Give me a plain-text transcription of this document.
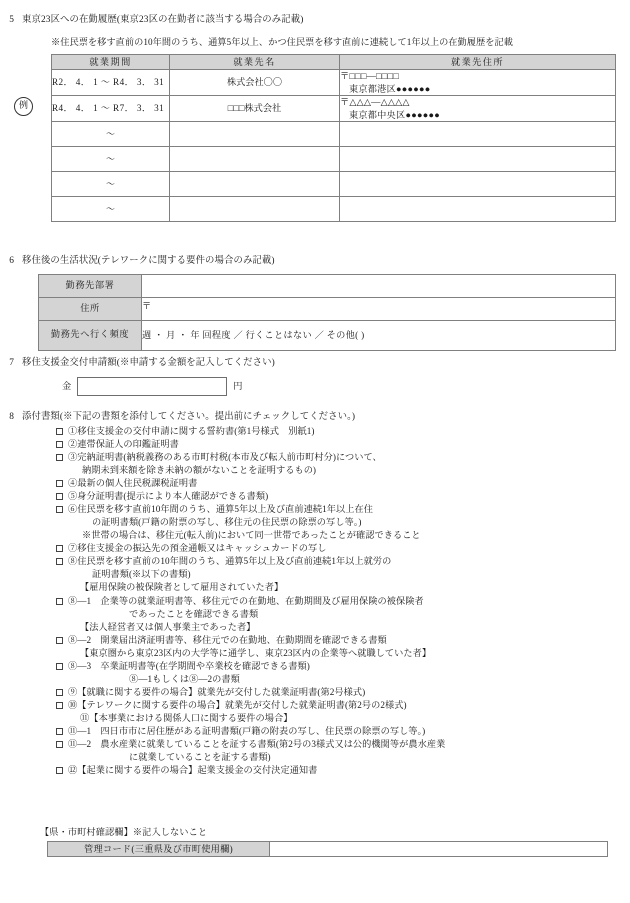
5 東京23区への在勤履歴(東京23区の在勤者に該当する場合のみ記載)
※住民票を移す直前の10年間のうち、通算5年以上、かつ住民票を移す直前に連続して1年以上の在勤履歴を記載
就業期間	就業先名	就業先住所
R2． 4． 1 ～ R4． 3． 31	株式会社〇〇	〒□□□—□□□□
東京都港区●●●●●●

R4． 4． 1 ～ R7． 3． 31	□□□株式会社	〒△△△—△△△△
東京都中央区●●●●●●

～		
～		
～		
～		
例
6 移住後の生活状況(テレワークに関する要件の場合のみ記載)
勤務先部署	
住所	〒
勤務先へ行く頻度	週 ・ 月 ・ 年 回程度 ／ 行くことはない ／ その他( )
7 移住支援金交付申請額(※申請する金額を記入してください)
金	円
8 添付書類(※下記の書類を添付してください。提出前にチェックしてください。)
①移住支援金の交付申請に関する誓約書(第1号様式　別紙1)
②連帯保証人の印鑑証明書
③完納証明書(納税義務のある市町村税(本市及び転入前市町村分)について、
納期未到来額を除き未納の額がないことを証明するもの)
④最新の個人住民税課税証明書
⑤身分証明書(提示により本人確認ができる書類)
⑥住民票を移す直前10年間のうち、通算5年以上及び直前連続1年以上在住
の証明書類(戸籍の附票の写し、移住元の住民票の除票の写し等。)
※世帯の場合は、移住元(転入前)において同一世帯であったことが確認できること
⑦移住支援金の振込先の預金通帳又はキャッシュカードの写し
⑧住民票を移す直前の10年間のうち、通算5年以上及び直前連続1年以上就労の
証明書類(※以下の書類)
【雇用保険の被保険者として雇用されていた者】
⑧—1　企業等の就業証明書等、移住元での在勤地、在勤期間及び雇用保険の被保険者
であったことを確認できる書類
【法人経営者又は個人事業主であった者】
⑧—2　開業届出済証明書等、移住元での在勤地、在勤期間を確認できる書類
【東京圏から東京23区内の大学等に通学し、東京23区内の企業等へ就職していた者】
⑧—3　卒業証明書等(在学期間や卒業校を確認できる書類)
⑧—1もしくは⑧—2の書類
⑨【就職に関する要件の場合】就業先が交付した就業証明書(第2号様式)
⑩【テレワークに関する要件の場合】就業先が交付した就業証明書(第2号の2様式)
⑪【本事業における関係人口に関する要件の場合】
⑪—1　四日市市に居住歴がある証明書類(戸籍の附表の写し、住民票の除票の写し等。)
⑪—2　農水産業に就業していることを証する書類(第2号の3様式又は公的機関等が農水産業
に就業していることを証する書類)
⑫【起業に関する要件の場合】起業支援金の交付決定通知書
【県・市町村確認欄】※記入しないこと
管理コード(三重県及び市町使用欄)	
